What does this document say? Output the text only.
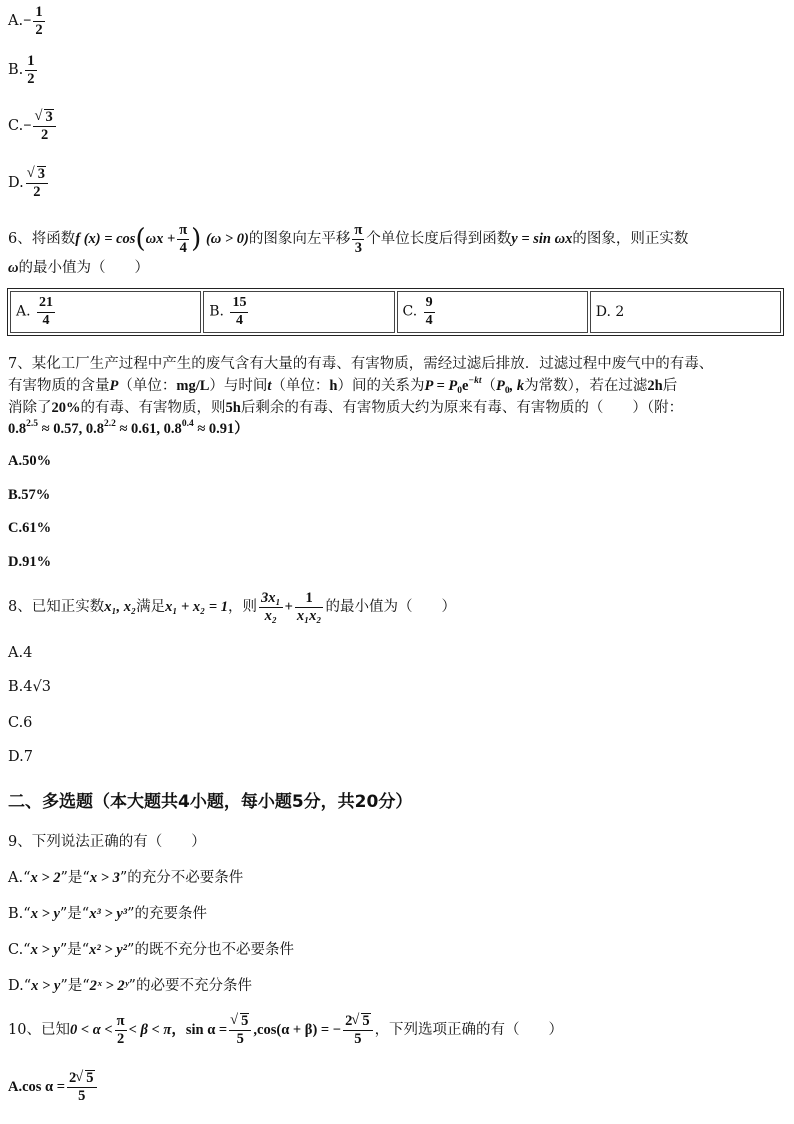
$A.- \frac{1}{2}$
B. $\frac{1}{2}$
C.− √ $\frac{3}{2}$
D. √ $\frac{3}{2}$
6、将函数f $(x) = \cos(\omega x + \frac{\pi}{4}$ ) (ω > 0)的图象向左平移 $\frac{\pi}{3}$ 个单位长度后得到函数y = sin ωx的图象，则正实数
ω的最小值为（　　）
A. $\frac{21}{4}$	B. $\frac{15}{4}$	C. $\frac{9}{4}$	D. 2
7、某化工厂生产过程中产生的废气含有大量的有毒、有害物质，需经过滤后排放．过滤过程中废气中的有毒、
有害物质的含量P（单位：mg/L）与时间t（单位：h）间的关系为$P = P_0e^{-kt}(P_0$, k为常数），若在过滤2h后
消除了20%的有毒、有害物质，则5h后剩余的有毒、有害物质大约为原来有毒、有害物质的（　　）（附：
$0.8^{2.5} \approx 0.57$, $0.8^{2.2} \approx 0.61$, $0.8^{0.4} \approx 0.91$）
A.50%
B.57%
C.61%
D.91%
8、已知正实数x₁, x₂满足x₁ + x₂ = 1，则 $\frac{\text{3x₁}}{\text{x₂}} + \frac{1}{\text{x₁x₂}}$ 的最小值为（　　）
A.4
B.4√3
C.6
D.7
二、多选题（本大题共4小题，每小题5分，共20分）
9、下列说法正确的有（　　）
A.“x > 2”是“x > 3”的充分不必要条件
B.“x > y”是“x³ > y³”的充要条件
C.“x > y”是“x² > y²”的既不充分也不必要条件
D.“x > y”是“2ˣ > 2ʸ”的必要不充分条件
10、已知$0 < \alpha < \frac{\pi}{2} < \beta < \pi$，sin α = √ $\frac{5}{5} ,\cos(\alpha + \beta)$ = − $\frac{2 √ 5}{5}$ ，下列选项正确的有（　　）
A.cos $\alpha = \frac{2 √ 5}{5}$
